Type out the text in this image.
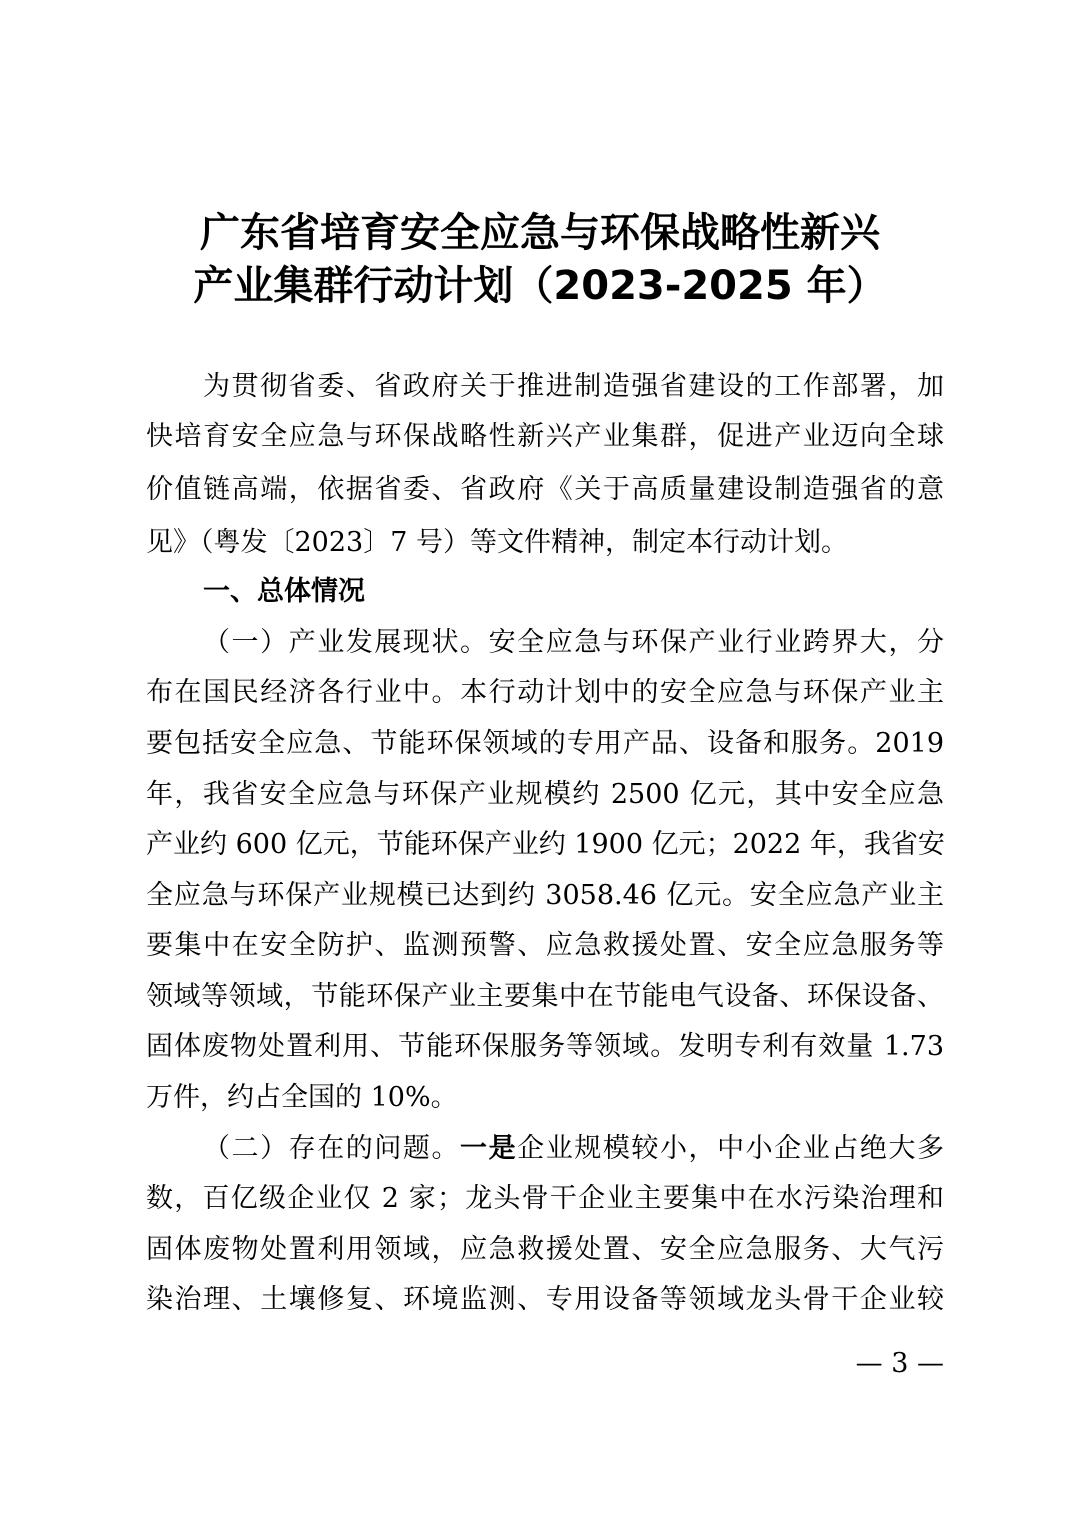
广东省培育安全应急与环保战略性新兴
产业集群行动计划（2023-2025 年）
为贯彻省委、省政府关于推进制造强省建设的工作部署，加
快培育安全应急与环保战略性新兴产业集群，促进产业迈向全球
价值链高端，依据省委、省政府《关于高质量建设制造强省的意
见》（粤发〔2023〕7 号）等文件精神，制定本行动计划。
一、总体情况
（一）产业发展现状。安全应急与环保产业行业跨界大，分
布在国民经济各行业中。本行动计划中的安全应急与环保产业主
要包括安全应急、节能环保领域的专用产品、设备和服务。2019
年，我省安全应急与环保产业规模约 2500 亿元，其中安全应急
产业约 600 亿元，节能环保产业约 1900 亿元；2022 年，我省安
全应急与环保产业规模已达到约 3058.46 亿元。安全应急产业主
要集中在安全防护、监测预警、应急救援处置、安全应急服务等
领域等领域，节能环保产业主要集中在节能电气设备、环保设备、
固体废物处置利用、节能环保服务等领域。发明专利有效量 1.73
万件，约占全国的 10%。
（二）存在的问题。一是企业规模较小，中小企业占绝大多
数，百亿级企业仅 2 家；龙头骨干企业主要集中在水污染治理和
固体废物处置利用领域，应急救援处置、安全应急服务、大气污
染治理、土壤修复、环境监测、专用设备等领域龙头骨干企业较
— 3 —
